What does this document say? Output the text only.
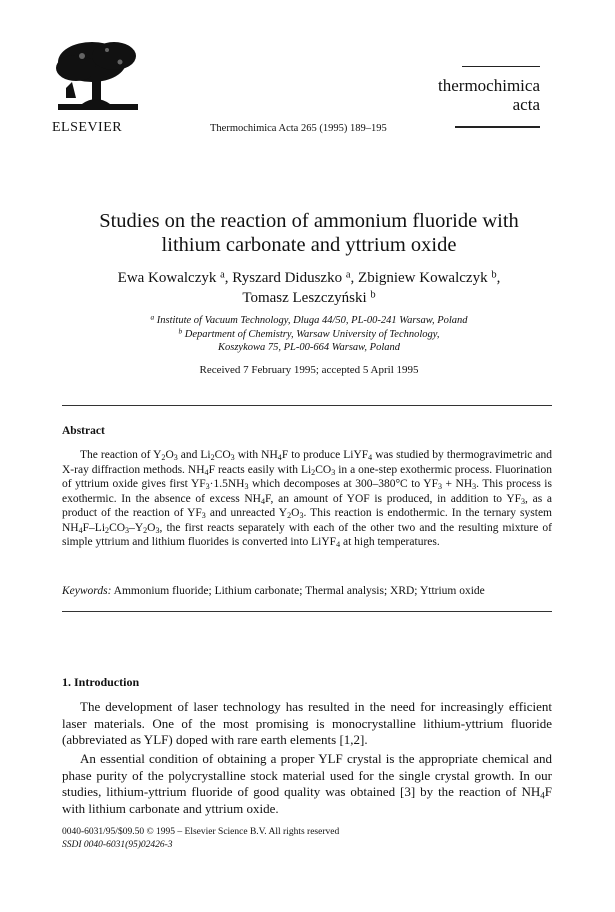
ELSEVIER	Thermochimica Acta 265 (1995) 189–195
thermochimica
acta
Studies on the reaction of ammonium fluoride with lithium carbonate and yttrium oxide
Ewa Kowalczyk $^a$, Ryszard Diduszko $^a$, Zbigniew Kowalczyk $^b$,
Tomasz Leszczyński $^b$
$^a$ Institute of Vacuum Technology, Dluga 44/50, PL-00-241 Warsaw, Poland
$^b$ Department of Chemistry, Warsaw University of Technology,
Koszykowa 75, PL-00-664 Warsaw, Poland
Received 7 February 1995; accepted 5 April 1995
Abstract
The reaction of $Y_2O_3$ and $Li_2CO_3$ with $NH_4F$ to produce LiYF$_4$ was studied by thermogravimetric and X-ray diffraction methods. $NH_4F$ reacts easily with $Li_2CO_3$ in a one-step exothermic process. Fluorination of yttrium oxide gives first $YF_3\cdot 1.5NH_3$ which decomposes at 300–380°C to $YF_3 + NH_3$. This process is exothermic. In the absence of excess $NH_4F$, an amount of YOF is produced, in addition to $YF_3$, as a product of the reaction of $YF_3$ and unreacted $Y_2O_3$. This reaction is endothermic. In the ternary system $NH_4F-Li_2CO_3-Y_2O_3$, the first reacts separately with each of the other two and the resulting mixture of simple yttrium and lithium fluorides is converted into LiYF$_4$ at high temperatures.
Keywords: Ammonium fluoride; Lithium carbonate; Thermal analysis; XRD; Yttrium oxide
1. Introduction
The development of laser technology has resulted in the need for increasingly efficient laser materials. One of the most promising is monocrystalline lithium-yttrium fluoride (abbreviated as YLF) doped with rare earth elements [1,2].
An essential condition of obtaining a proper YLF crystal is the appropriate chemical and phase purity of the polycrystalline stock material used for the single crystal growth. In our studies, lithium-yttrium fluoride of good quality was obtained [3] by the reaction of $NH_4F$ with lithium carbonate and yttrium oxide.
0040-6031/95/$09.50 © 1995 – Elsevier Science B.V. All rights reserved
SSDI 0040-6031(95)02426-3
